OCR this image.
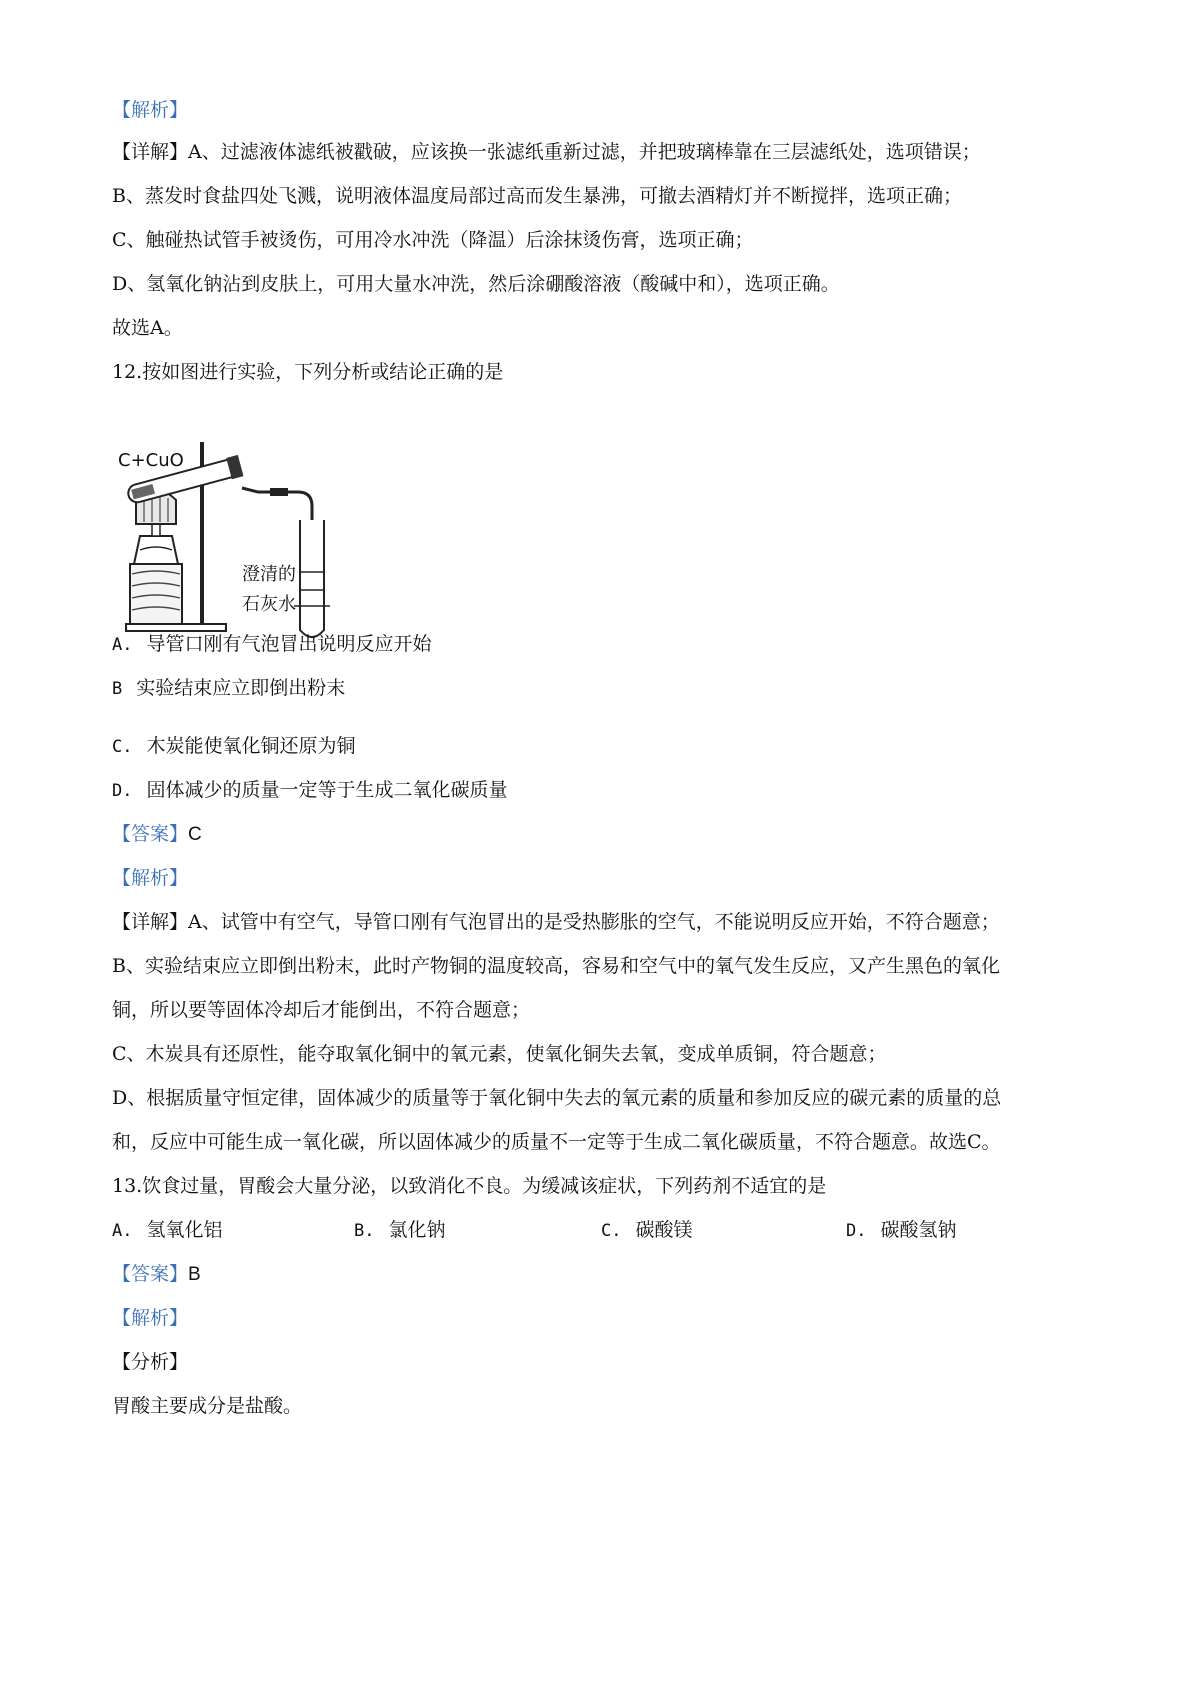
【解析】
【详解】A、过滤液体滤纸被戳破，应该换一张滤纸重新过滤，并把玻璃棒靠在三层滤纸处，选项错误；
B、蒸发时食盐四处飞溅，说明液体温度局部过高而发生暴沸，可撤去酒精灯并不断搅拌，选项正确；
C、触碰热试管手被烫伤，可用冷水冲洗（降温）后涂抹烫伤膏，选项正确；
D、氢氧化钠沾到皮肤上，可用大量水冲洗，然后涂硼酸溶液（酸碱中和），选项正确。
故选A。
12.按如图进行实验，下列分析或结论正确的是
C+CuO
澄清的
石灰水
A. 导管口刚有气泡冒出说明反应开始
B 实验结束应立即倒出粉末
C. 木炭能使氧化铜还原为铜
D. 固体减少的质量一定等于生成二氧化碳质量
【答案】C
【解析】
【详解】A、试管中有空气，导管口刚有气泡冒出的是受热膨胀的空气，不能说明反应开始，不符合题意；
B、实验结束应立即倒出粉末，此时产物铜的温度较高，容易和空气中的氧气发生反应，又产生黑色的氧化
铜，所以要等固体冷却后才能倒出，不符合题意；
C、木炭具有还原性，能夺取氧化铜中的氧元素，使氧化铜失去氧，变成单质铜，符合题意；
D、根据质量守恒定律，固体减少的质量等于氧化铜中失去的氧元素的质量和参加反应的碳元素的质量的总
和，反应中可能生成一氧化碳，所以固体减少的质量不一定等于生成二氧化碳质量，不符合题意。故选C。
13.饮食过量，胃酸会大量分泌，以致消化不良。为缓减该症状，下列药剂不适宜的是
A. 氢氧化铝	B. 氯化钠	C. 碳酸镁	D. 碳酸氢钠
【答案】B
【解析】
【分析】
胃酸主要成分是盐酸。
